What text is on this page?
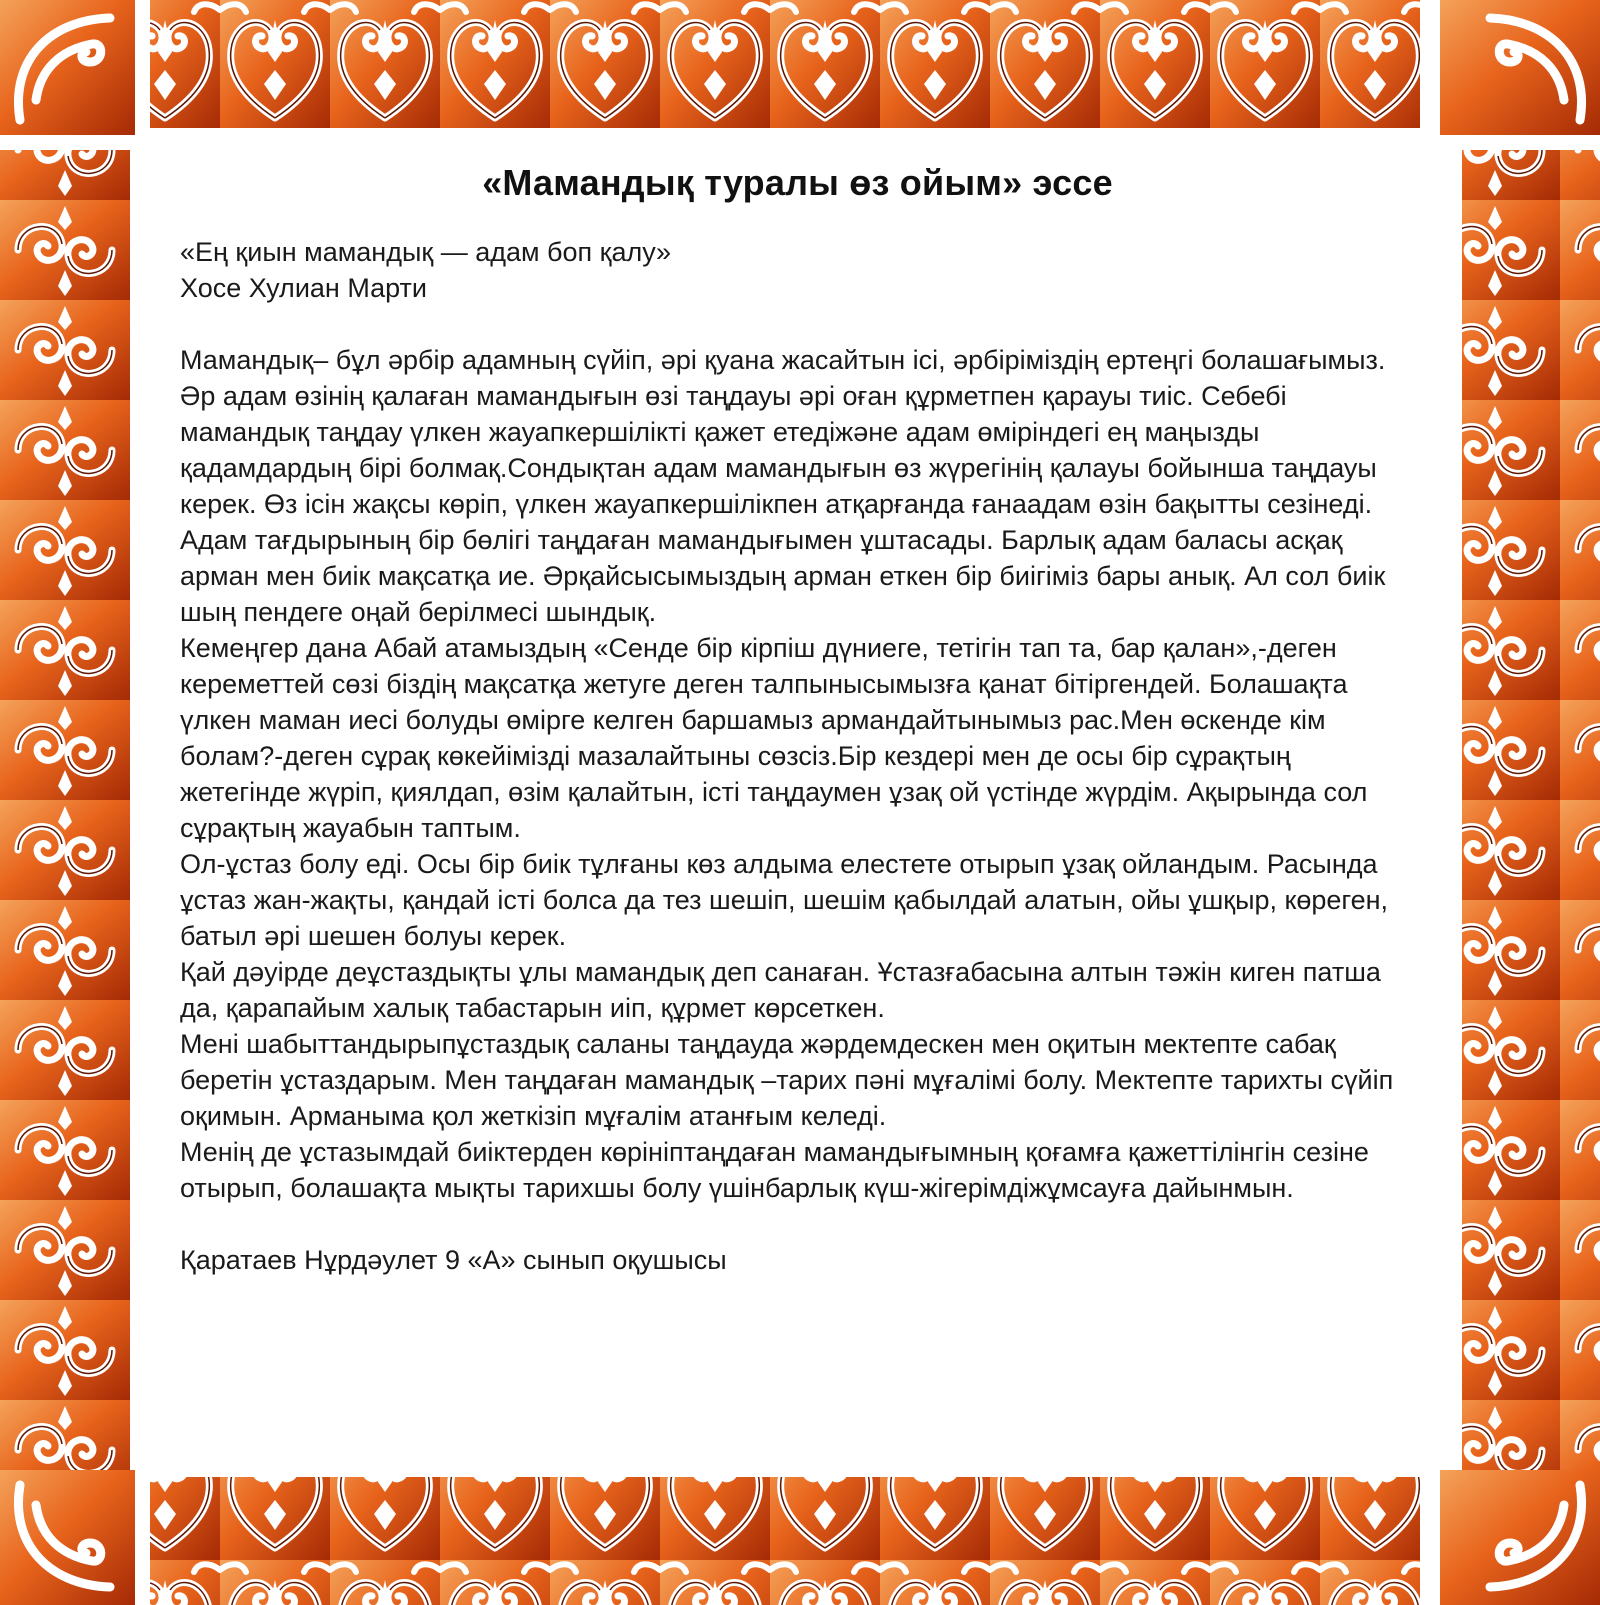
«Мамандық туралы өз ойым» эссе
«Ең қиын мамандық — адам боп қалу»
Хосе Хулиан Марти

Мамандық– бұл әрбір адамның сүйіп, әрі қуана жасайтын ісі, әрбіріміздің ертеңгі болашағымыз. Әр адам өзінің қалаған мамандығын өзі таңдауы әрі оған құрметпен қарауы тиіс. Себебі мамандық таңдау үлкен жауапкершілікті қажет етедіжәне адам өміріндегі ең маңызды қадамдардың бірі болмақ.Сондықтан адам мамандығын өз жүрегінің қалауы бойынша таңдауы керек. Өз ісін жақсы көріп, үлкен жауапкершілікпен атқарғанда ғанаадам өзін бақытты сезінеді.

Адам тағдырының бір бөлігі таңдаған мамандығымен ұштасады. Барлық адам баласы асқақ арман мен биік мақсатқа ие. Әрқайсысымыздың арман еткен бір биігіміз бары анық. Ал сол биік шың пендеге оңай берілмесі шындық.

Кемеңгер дана Абай атамыздың «Сенде бір кірпіш дүниеге, тетігін тап та, бар қалан»,-деген кереметтей сөзі біздің мақсатқа жетуге деген талпынысымызға қанат бітіргендей. Болашақта үлкен маман иесі болуды өмірге келген баршамыз армандайтынымыз рас.Мен өскенде кім болам?-деген сұрақ көкейімізді мазалайтыны сөзсіз.Бір кездері мен де осы бір сұрақтың жетегінде жүріп, қиялдап, өзім қалайтын, істі таңдаумен ұзақ ой үстінде жүрдім. Ақырында сол сұрақтың жауабын таптым.

Ол-ұстаз болу еді. Осы бір биік тұлғаны көз алдыма елестете отырып ұзақ ойландым. Расында ұстаз жан-жақты, қандай істі болса да тез шешіп, шешім қабылдай алатын, ойы ұшқыр, көреген, батыл әрі шешен болуы керек.

Қай дәуірде деұстаздықты ұлы мамандық деп санаған. Ұстазғабасына алтын тәжін киген патша да, қарапайым халық табастарын иіп, құрмет көрсеткен.

Мені шабыттандырыпұстаздық саланы таңдауда жәрдемдескен мен оқитын мектепте сабақ беретін ұстаздарым. Мен таңдаған мамандық –тарих пәні мұғалімі болу. Мектепте тарихты сүйіп оқимын. Арманыма қол жеткізіп мұғалім атанғым келеді.

Менің де ұстазымдай биіктерден көрініптаңдаған мамандығымның қоғамға қажеттілінгін сезіне отырып, болашақта мықты тарихшы болу үшінбарлық күш-жігерімдіжұмсауға дайынмын.

Қаратаев Нұрдәулет 9 «А» сынып оқушысы
